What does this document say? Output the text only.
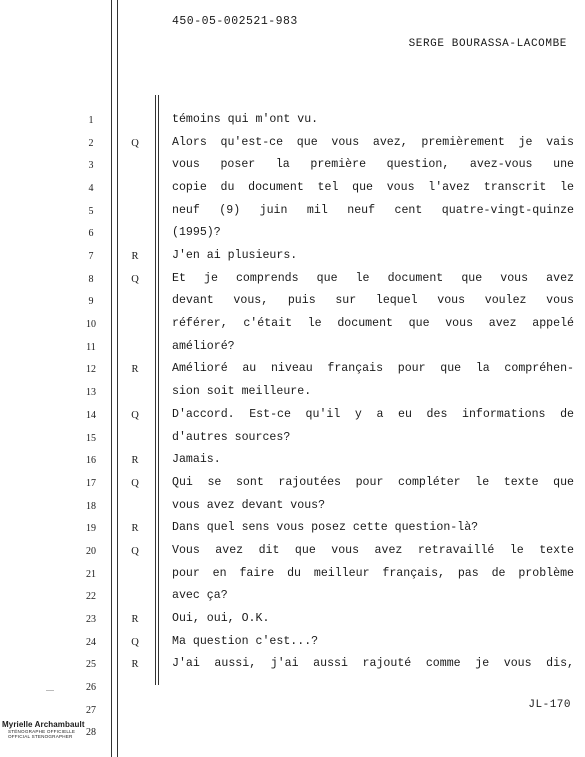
450-05-002521-983
SERGE BOURASSA-LACOMBE
1
2
3
4
5
6
7
8
9
10
11
12
13
14
15
16
17
18
19
20
21
22
23
24
25
26
27
28
Q
R
Q
R
Q
R
Q
R
Q
R
Q
R
témoins qui m'ont vu.
Alors qu'est-ce que vous avez, premièrement je vais
vous poser la première question, avez-vous une
copie du document tel que vous l'avez transcrit le
neuf (9) juin mil neuf cent quatre-vingt-quinze
(1995)?
J'en ai plusieurs.
Et je comprends que le document que vous avez
devant vous, puis sur lequel vous voulez vous
référer, c'était le document que vous avez appelé
amélioré?
Amélioré au niveau français pour que la compréhen-
sion soit meilleure.
D'accord. Est-ce qu'il y a eu des informations de
d'autres sources?
Jamais.
Qui se sont rajoutées pour compléter le texte que
vous avez devant vous?
Dans quel sens vous posez cette question-là?
Vous avez dit que vous avez retravaillé le texte
pour en faire du meilleur français, pas de problème
avec ça?
Oui, oui, O.K.
Ma question c'est...?
J'ai aussi, j'ai aussi rajouté comme je vous dis,
JL-170
Myrielle Archambault
STÉNOGRAPHE OFFICIELLE
OFFICIAL STENOGRAPHER
